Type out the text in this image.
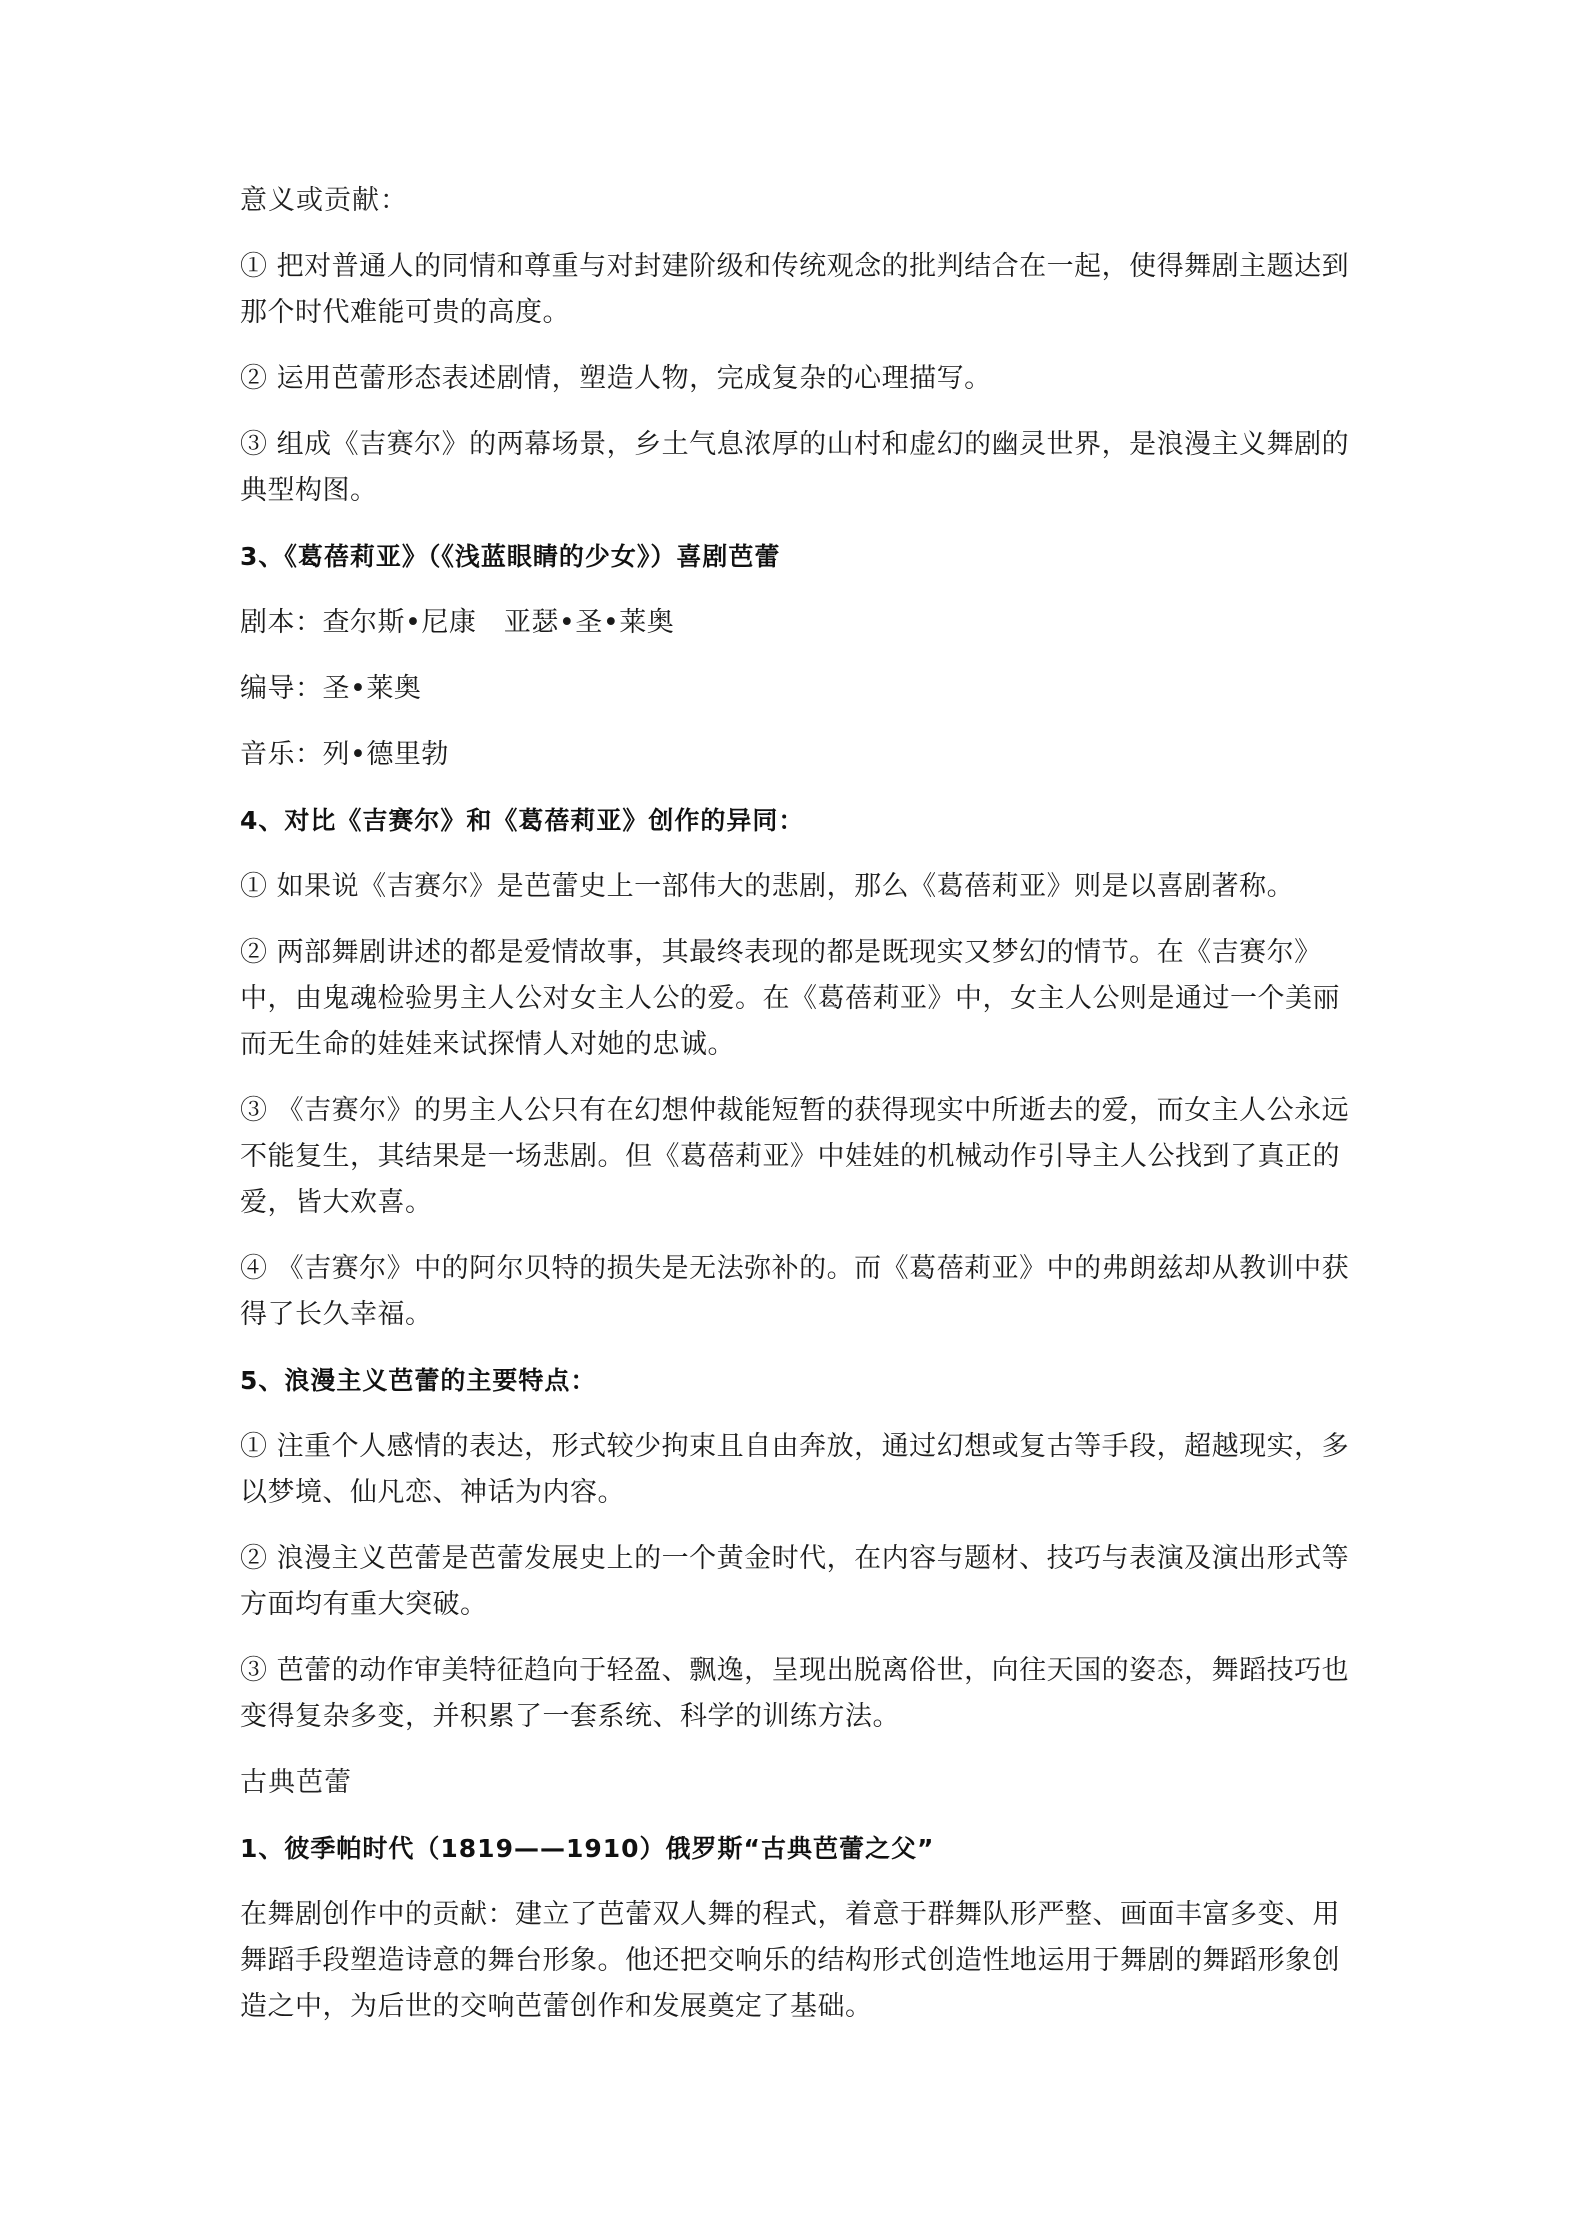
意义或贡献：
① 把对普通人的同情和尊重与对封建阶级和传统观念的批判结合在一起，使得舞剧主题达到那个时代难能可贵的高度。
② 运用芭蕾形态表述剧情，塑造人物，完成复杂的心理描写。
③ 组成《吉赛尔》的两幕场景，乡土气息浓厚的山村和虚幻的幽灵世界，是浪漫主义舞剧的典型构图。
3、《葛蓓莉亚》（《浅蓝眼睛的少女》）喜剧芭蕾
剧本：查尔斯•尼康　亚瑟•圣•莱奥
编导：圣•莱奥
音乐：列•德里勃
4、对比《吉赛尔》和《葛蓓莉亚》创作的异同：
① 如果说《吉赛尔》是芭蕾史上一部伟大的悲剧，那么《葛蓓莉亚》则是以喜剧著称。
② 两部舞剧讲述的都是爱情故事，其最终表现的都是既现实又梦幻的情节。在《吉赛尔》中，由鬼魂检验男主人公对女主人公的爱。在《葛蓓莉亚》中，女主人公则是通过一个美丽而无生命的娃娃来试探情人对她的忠诚。
③ 《吉赛尔》的男主人公只有在幻想仲裁能短暂的获得现实中所逝去的爱，而女主人公永远不能复生，其结果是一场悲剧。但《葛蓓莉亚》中娃娃的机械动作引导主人公找到了真正的爱，皆大欢喜。
④ 《吉赛尔》中的阿尔贝特的损失是无法弥补的。而《葛蓓莉亚》中的弗朗兹却从教训中获得了长久幸福。
5、浪漫主义芭蕾的主要特点：
① 注重个人感情的表达，形式较少拘束且自由奔放，通过幻想或复古等手段，超越现实，多以梦境、仙凡恋、神话为内容。
② 浪漫主义芭蕾是芭蕾发展史上的一个黄金时代，在内容与题材、技巧与表演及演出形式等方面均有重大突破。
③ 芭蕾的动作审美特征趋向于轻盈、飘逸，呈现出脱离俗世，向往天国的姿态，舞蹈技巧也变得复杂多变，并积累了一套系统、科学的训练方法。
古典芭蕾
1、彼季帕时代（1819——1910）俄罗斯“古典芭蕾之父”
在舞剧创作中的贡献：建立了芭蕾双人舞的程式，着意于群舞队形严整、画面丰富多变、用舞蹈手段塑造诗意的舞台形象。他还把交响乐的结构形式创造性地运用于舞剧的舞蹈形象创造之中，为后世的交响芭蕾创作和发展奠定了基础。
